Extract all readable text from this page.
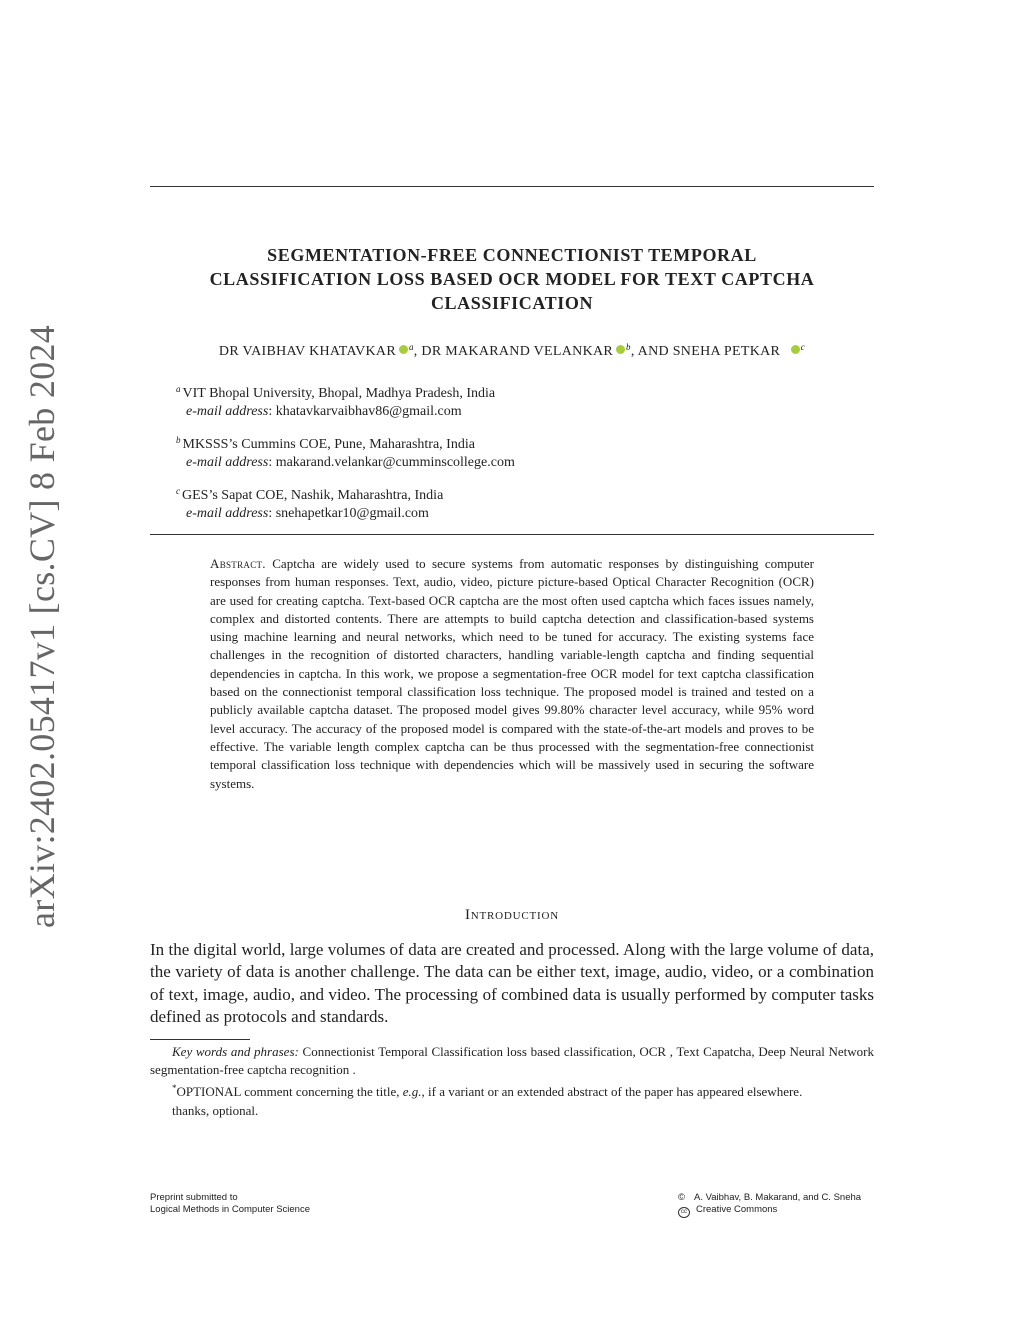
arXiv:2402.05417v1 [cs.CV] 8 Feb 2024
SEGMENTATION-FREE CONNECTIONIST TEMPORAL
CLASSIFICATION LOSS BASED OCR MODEL FOR TEXT CAPTCHA
CLASSIFICATION
DR VAIBHAV KHATAVKAR $^a$, DR MAKARAND VELANKAR $^b$, AND SNEHA PETKAR $^c$
$^a$ VIT Bhopal University, Bhopal, Madhya Pradesh, India
e-mail address: khatavkarvaibhav86@gmail.com
$^b$ MKSSS’s Cummins COE, Pune, Maharashtra, India
e-mail address: makarand.velankar@cumminscollege.com
$^c$ GES’s Sapat COE, Nashik, Maharashtra, India
e-mail address: snehapetkar10@gmail.com
Abstract. Captcha are widely used to secure systems from automatic responses by distinguishing computer responses from human responses. Text, audio, video, picture picture-based Optical Character Recognition (OCR) are used for creating captcha. Text-based OCR captcha are the most often used captcha which faces issues namely, complex and distorted contents. There are attempts to build captcha detection and classification-based systems using machine learning and neural networks, which need to be tuned for accuracy. The existing systems face challenges in the recognition of distorted characters, handling variable-length captcha and finding sequential dependencies in captcha. In this work, we propose a segmentation-free OCR model for text captcha classification based on the connectionist temporal classification loss technique. The proposed model is trained and tested on a publicly available captcha dataset. The proposed model gives 99.80% character level accuracy, while 95% word level accuracy. The accuracy of the proposed model is compared with the state-of-the-art models and proves to be effective. The variable length complex captcha can be thus processed with the segmentation-free connectionist temporal classification loss technique with dependencies which will be massively used in securing the software systems.
Introduction
In the digital world, large volumes of data are created and processed. Along with the large volume of data, the variety of data is another challenge. The data can be either text, image, audio, video, or a combination of text, image, audio, and video. The processing of combined data is usually performed by computer tasks defined as protocols and standards.

Key words and phrases: Connectionist Temporal Classification loss based classification, OCR , Text Capatcha, Deep Neural Network segmentation-free captcha recognition .

*OPTIONAL comment concerning the title, e.g., if a variant or an extended abstract of the paper has appeared elsewhere.

thanks, optional.

Preprint submitted to
Logical Methods in Computer Science
© A. Vaibhav, B. Makarand, and C. Sneha
cc Creative Commons
